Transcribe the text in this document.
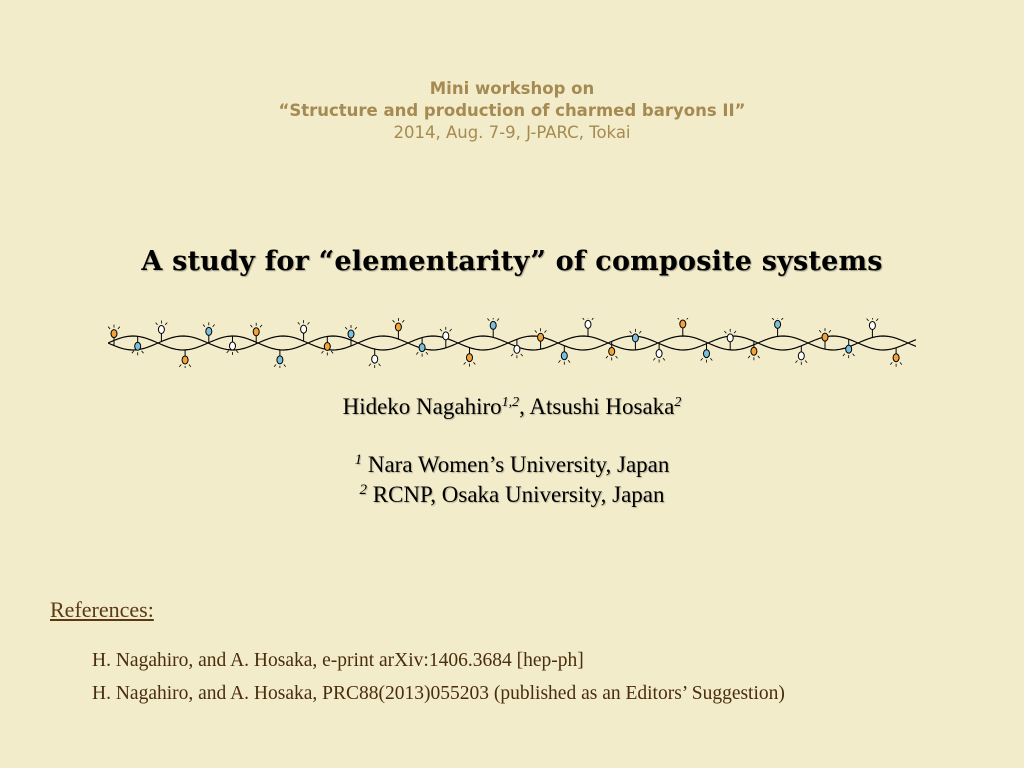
Mini workshop on
“Structure and production of charmed baryons II”
2014, Aug. 7-9, J-PARC, Tokai
A study for “elementarity” of composite systems
Hideko Nagahiro$^{1,2}$, Atsushi Hosaka$^2$
$^1$ Nara Women’s University, Japan
$^2$ RCNP, Osaka University, Japan
References:
H. Nagahiro, and A. Hosaka, e-print arXiv:1406.3684 [hep-ph]
H. Nagahiro, and A. Hosaka, PRC88(2013)055203 (published as an Editors’ Suggestion)
